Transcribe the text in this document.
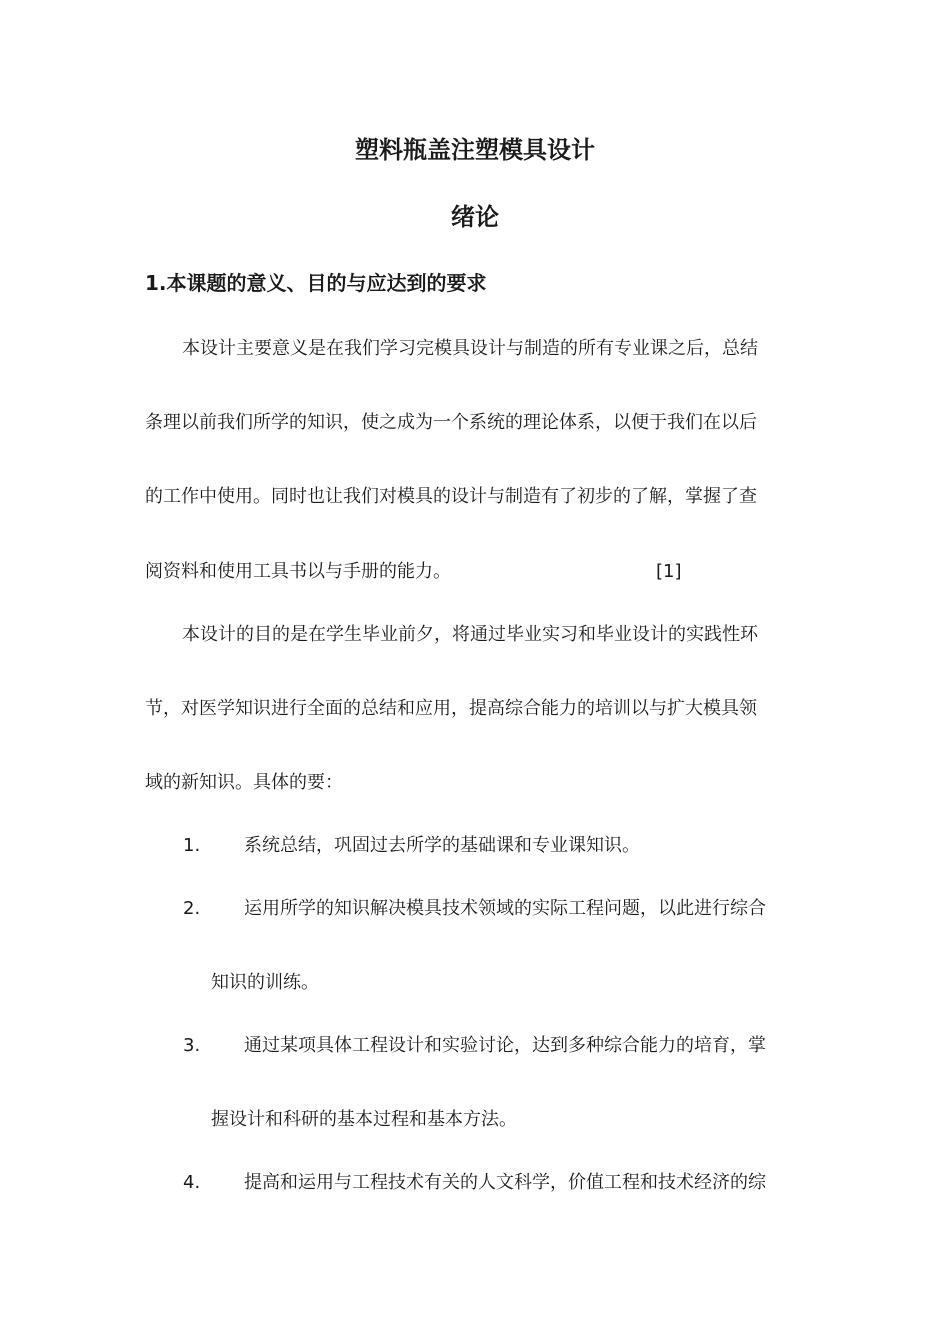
塑料瓶盖注塑模具设计
绪论
1.本课题的意义、目的与应达到的要求
本设计主要意义是在我们学习完模具设计与制造的所有专业课之后，总结
条理以前我们所学的知识，使之成为一个系统的理论体系，以便于我们在以后
的工作中使用。同时也让我们对模具的设计与制造有了初步的了解，掌握了查
阅资料和使用工具书以与手册的能力。	[1]
本设计的目的是在学生毕业前夕，将通过毕业实习和毕业设计的实践性环
节，对医学知识进行全面的总结和应用，提高综合能力的培训以与扩大模具领
域的新知识。具体的要：
1. 系统总结，巩固过去所学的基础课和专业课知识。
2. 运用所学的知识解决模具技术领域的实际工程问题，以此进行综合
知识的训练。
3. 通过某项具体工程设计和实验讨论，达到多种综合能力的培育，掌
握设计和科研的基本过程和基本方法。
4. 提高和运用与工程技术有关的人文科学，价值工程和技术经济的综
